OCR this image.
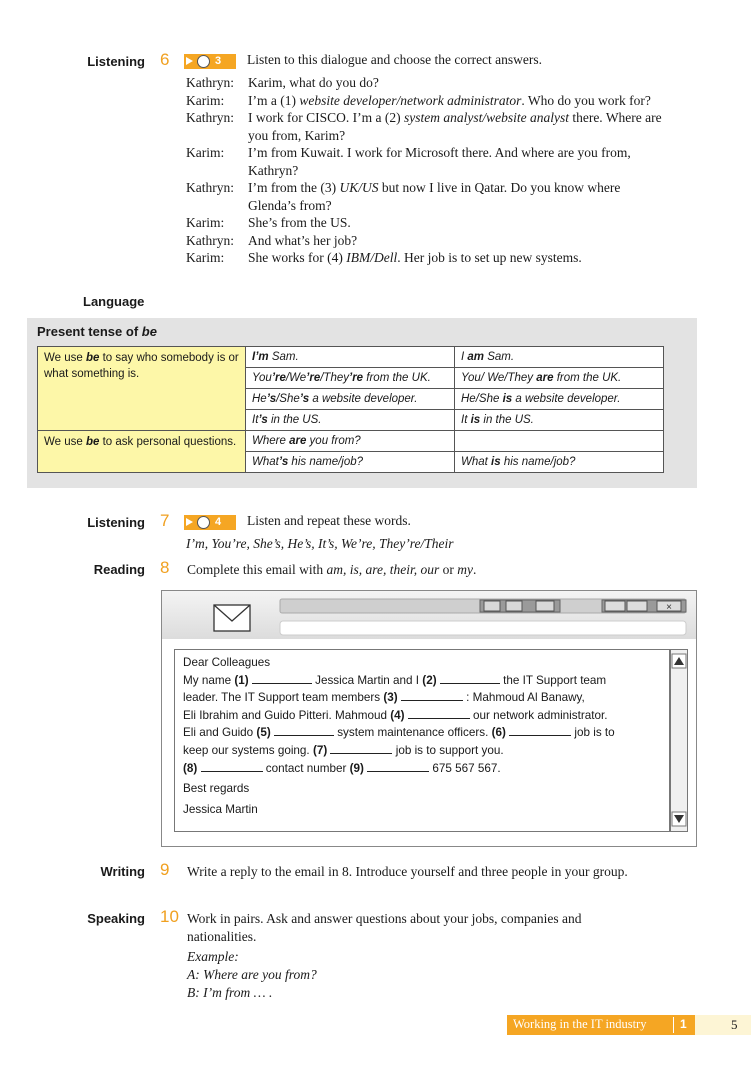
Listening 6	3 Listen to this dialogue and choose the correct answers.
Kathryn:	Karim, what do you do?
Karim:	I’m a (1) website developer/network administrator. Who do you work for?
Kathryn:	I work for CISCO. I’m a (2) system analyst/website analyst there. Where are you from, Karim?
Karim:	I’m from Kuwait. I work for Microsoft there. And where are you from, Kathryn?
Kathryn:	I’m from the (3) UK/US but now I live in Qatar. Do you know where Glenda’s from?
Karim:	She’s from the US.
Kathryn:	And what’s her job?
Karim:	She works for (4) IBM/Dell. Her job is to set up new systems.
Language
Present tense of be
We use be to say who somebody is or what something is.	I’m Sam.	I am Sam.
	You’re/We’re/They’re from the UK.	You/ We/They are from the UK.
	He’s/She’s a website developer.	He/She is a website developer.
	It’s in the US.	It is in the US.
We use be to ask personal questions.	Where are you from?	
	What’s his name/job?	What is his name/job?
Listening 7	4 Listen and repeat these words.
I’m, You’re, She’s, He’s, It’s, We’re, They’re/Their
Reading 8 Complete this email with am, is, are, their, our or my.
×
Dear Colleagues
My name (1)	Jessica Martin and I (2)	the IT Support team
leader. The IT Support team members (3)	: Mahmoud Al Banawy,
Eli Ibrahim and Guido Pitteri. Mahmoud (4)	our network administrator.
Eli and Guido (5)	system maintenance officers. (6)	job is to
keep our systems going. (7)	job is to support you.
(8)	contact number (9)	675 567 567.
Best regards
Jessica Martin
Writing 9 Write a reply to the email in 8. Introduce yourself and three people in your group.
Speaking 10 Work in pairs. Ask and answer questions about your jobs, companies and nationalities.
Example:
A: Where are you from?
B: I’m from … .
Working in the IT industry	1	5
